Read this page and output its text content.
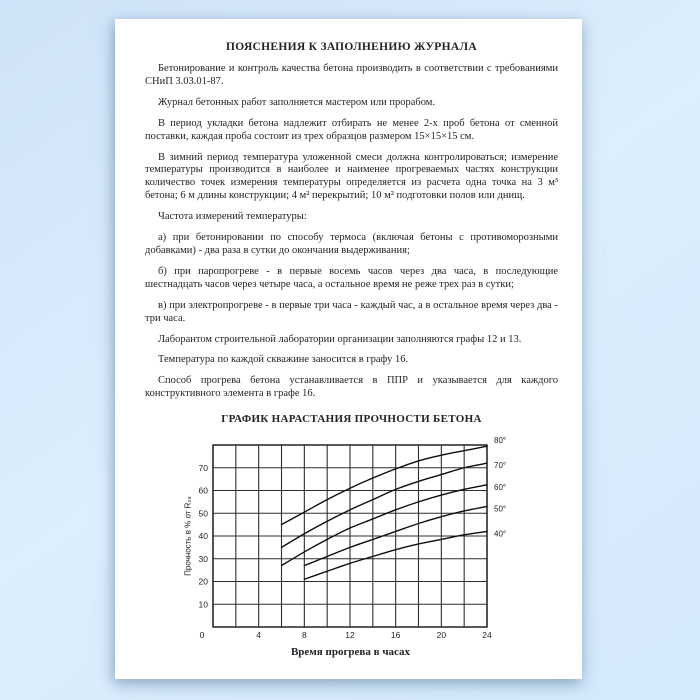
ПОЯСНЕНИЯ К ЗАПОЛНЕНИЮ ЖУРНАЛА

Бетонирование и контроль качества бетона производить в соответствии с требованиями СНиП 3.03.01-87.

Журнал бетонных работ заполняется мастером или прорабом.

В период укладки бетона надлежит отбирать не менее 2-х проб бетона от сменной поставки, каждая проба состоит из трех образцов размером 15×15×15 см.

В зимний период температура уложенной смеси должна контролироваться; измерение температуры производится в наиболее и наименее прогреваемых частях конструкции количество точек измерения температуры определяется из расчета одна точка на 3 м³ бетона; 6 м длины конструкции; 4 м² перекрытий; 10 м² подготовки полов или днищ.

Частота измерений температуры:

а) при бетонировании по способу термоса (включая бетоны с противоморозными добавками) - два раза в сутки до окончания выдерживания;

б) при паропрогреве - в первые восемь часов через два часа, в последующие шестнадцать часов через четыре часа, а остальное время не реже трех раз в сутки;

в) при электропрогреве - в первые три часа - каждый час, а в остальное время через два - три часа.

Лаборантом строительной лаборатории организации заполняются графы 12 и 13.

Температура по каждой скважине заносится в графу 16.

Способ прогрева бетона устанавливается в ППР и указывается для каждого конструктивного элемента в графе 16.

ГРАФИК НАРАСТАНИЯ ПРОЧНОСТИ БЕТОНА
Прочность в % от R₂₈
80°
70°
60°
50°
40°
0	4	8	12	16	20	24
10
20
30
40
50
60
70
Время прогрева в часах
